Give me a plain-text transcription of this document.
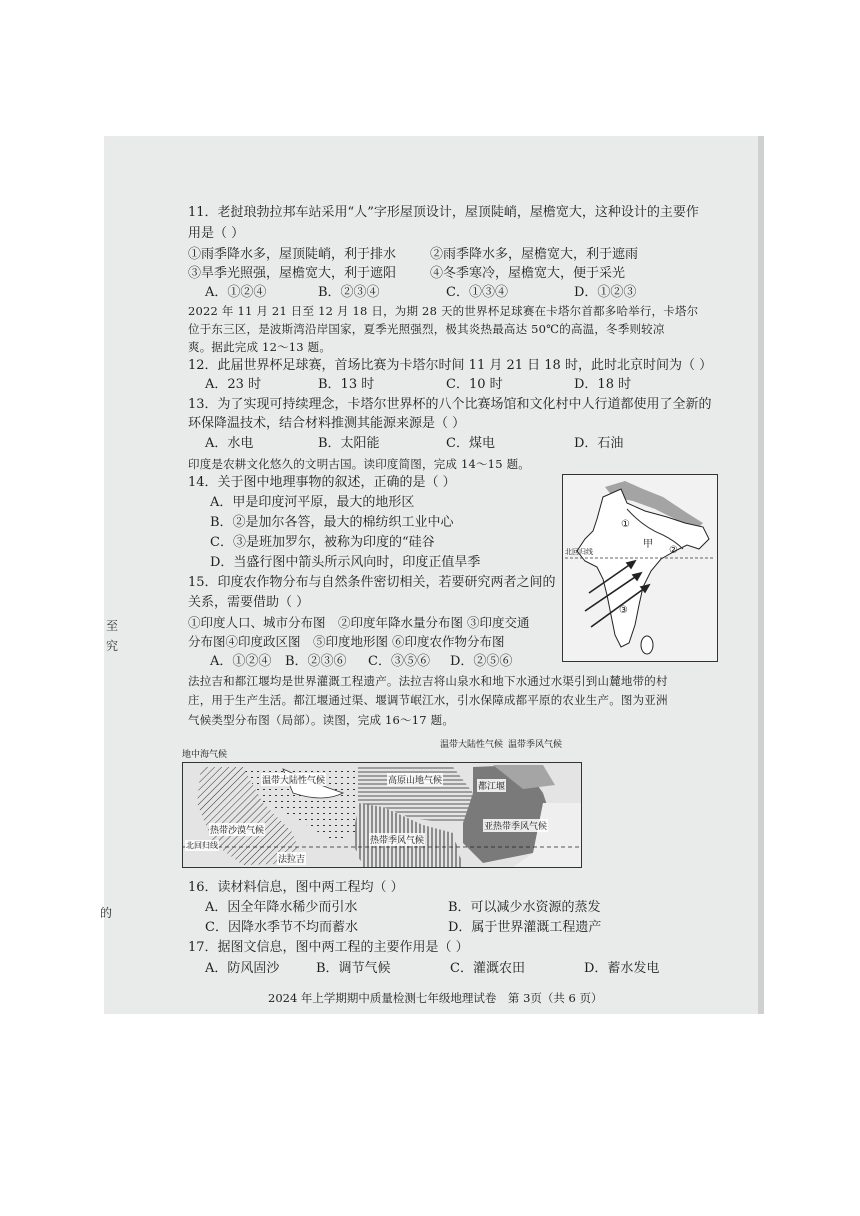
至
究
的
11．老挝琅勃拉邦车站采用“人”字形屋顶设计，屋顶陡峭，屋檐宽大，这种设计的主要作
用是（ ）
①雨季降水多，屋顶陡峭，利于排水	②雨季降水多，屋檐宽大，利于遮雨
③旱季光照强，屋檐宽大，利于遮阳	④冬季寒冷，屋檐宽大，便于采光
A．①②④	B．②③④	C．①③④	D．①②③
2022 年 11 月 21 日至 12 月 18 日，为期 28 天的世界杯足球赛在卡塔尔首都多哈举行，卡塔尔
位于东三区，是波斯湾沿岸国家，夏季光照强烈，极其炎热最高达 50℃的高温，冬季则较凉
爽。据此完成 12～13 题。
12．此届世界杯足球赛，首场比赛为卡塔尔时间 11 月 21 日 18 时，此时北京时间为（ ）
A．23 时	B．13 时	C．10 时	D．18 时
13．为了实现可持续理念，卡塔尔世界杯的八个比赛场馆和文化村中人行道都使用了全新的
环保降温技术，结合材料推测其能源来源是（ ）
A．水电	B．太阳能	C．煤电	D．石油
印度是农耕文化悠久的文明古国。读印度简图，完成 14～15 题。
14．关于图中地理事物的叙述，正确的是（ ）
A．甲是印度河平原，最大的地形区
B．②是加尔各答，最大的棉纺织工业中心
C．③是班加罗尔，被称为印度的“硅谷
D．当盛行图中箭头所示风向时，印度正值旱季
15．印度农作物分布与自然条件密切相关，若要研究两者之间的
关系，需要借助（ ）
①印度人口、城市分布图　②印度年降水量分布图 ③印度交通
分布图④印度政区图　⑤印度地形图 ⑥印度农作物分布图
A．①②④ B．②③⑥ C．③⑤⑥ D．②⑤⑥
①
甲
②
③
北回归线
法拉吉和都江堰均是世界灌溉工程遗产。法拉吉将山泉水和地下水通过水渠引到山麓地带的村
庄，用于生产生活。都江堰通过渠、堰调节岷江水，引水保障成都平原的农业生产。图为亚洲
气候类型分布图（局部）。读图，完成 16～17 题。
地中海气候
温带大陆性气候 温带季风气候
温带大陆性气候	高原山地气候
都江堰
热带沙漠气候	亚热带季风气候
热带季风气候
北回归线
法拉吉
16．读材料信息，图中两工程均（ ）
A．因全年降水稀少而引水	B．可以减少水资源的蒸发
C．因降水季节不均而蓄水	D．属于世界灌溉工程遗产
17．据图文信息，图中两工程的主要作用是（ ）
A．防风固沙	B．调节气候	C．灌溉农田	D．蓄水发电
2024 年上学期期中质量检测七年级地理试卷　第 3页（共 6 页）
